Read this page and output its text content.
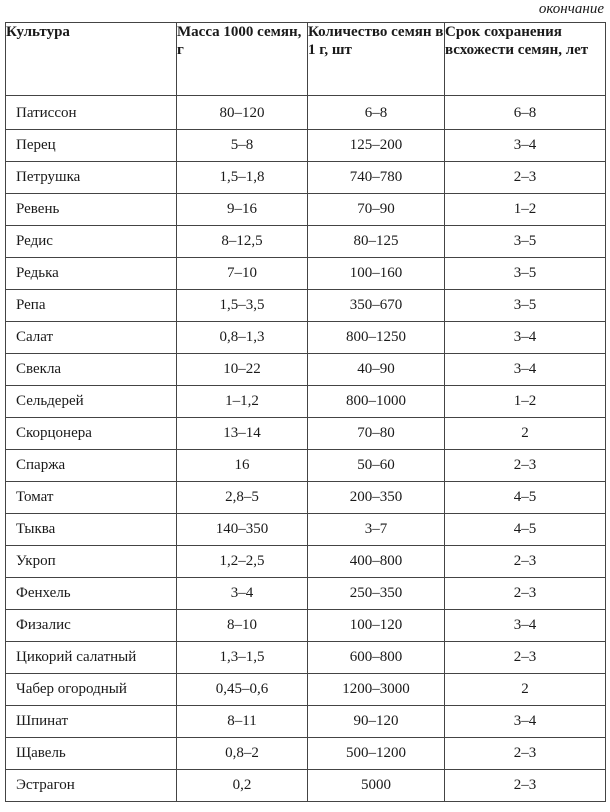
окончание
Культура	Масса 1000 семян, г	Количество семян в 1 г, шт	Срок сохранения всхожести семян, лет
Патиссон	80–120	6–8	6–8
Перец	5–8	125–200	3–4
Петрушка	1,5–1,8	740–780	2–3
Ревень	9–16	70–90	1–2
Редис	8–12,5	80–125	3–5
Редька	7–10	100–160	3–5
Репа	1,5–3,5	350–670	3–5
Салат	0,8–1,3	800–1250	3–4
Свекла	10–22	40–90	3–4
Сельдерей	1–1,2	800–1000	1–2
Скорцонера	13–14	70–80	2
Спаржа	16	50–60	2–3
Томат	2,8–5	200–350	4–5
Тыква	140–350	3–7	4–5
Укроп	1,2–2,5	400–800	2–3
Фенхель	3–4	250–350	2–3
Физалис	8–10	100–120	3–4
Цикорий салатный	1,3–1,5	600–800	2–3
Чабер огородный	0,45–0,6	1200–3000	2
Шпинат	8–11	90–120	3–4
Щавель	0,8–2	500–1200	2–3
Эстрагон	0,2	5000	2–3
